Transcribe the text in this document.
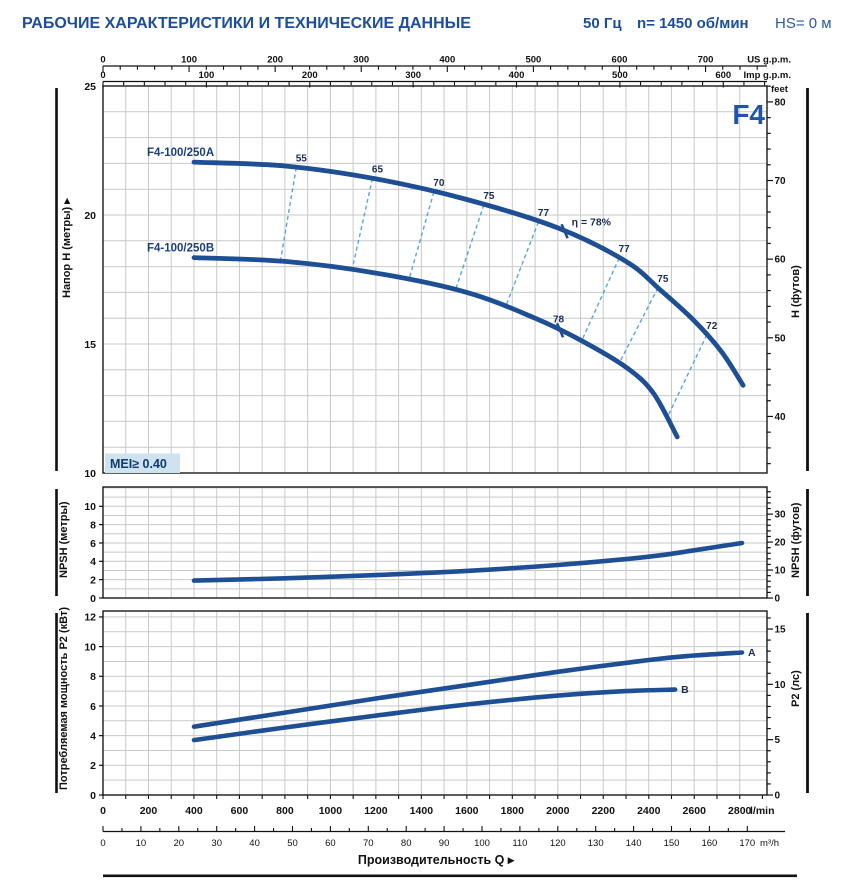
РАБОЧИЕ ХАРАКТЕРИСТИКИ И ТЕХНИЧЕСКИЕ ДАННЫЕ	50 Гц n= 1450 об/мин HS= 0 м
25
20
15
10
40
50
60
70
80
feet
55
65
70
75
77
77
75
72
F4-100/250A
F4-100/250B
η = 78%
78
F4
MEI≥ 0.40
Напор H (метры) ▸	H (футов)
10
8
6
4
2
0	0
10
20
30
NPSH (метры)	NPSH (футов)
12
10
8
6
4
2
0	0
5
10
15
A
B
Потребляемая мощность P2 (кВт)	P2 (лс)
0	100	200	300	400	500	600	700	US g.p.m.
0	100	200	300	400	500	600 Imp g.p.m.
0	200	400	600	800 1000 1200 1400 1600 1800 2000 2200 2400 2600 2800
l/min
0	10	20	30	40	50	60	70	80	90	100 110 120 130 140 150 160 170 m³/h
Производительность Q ▸
